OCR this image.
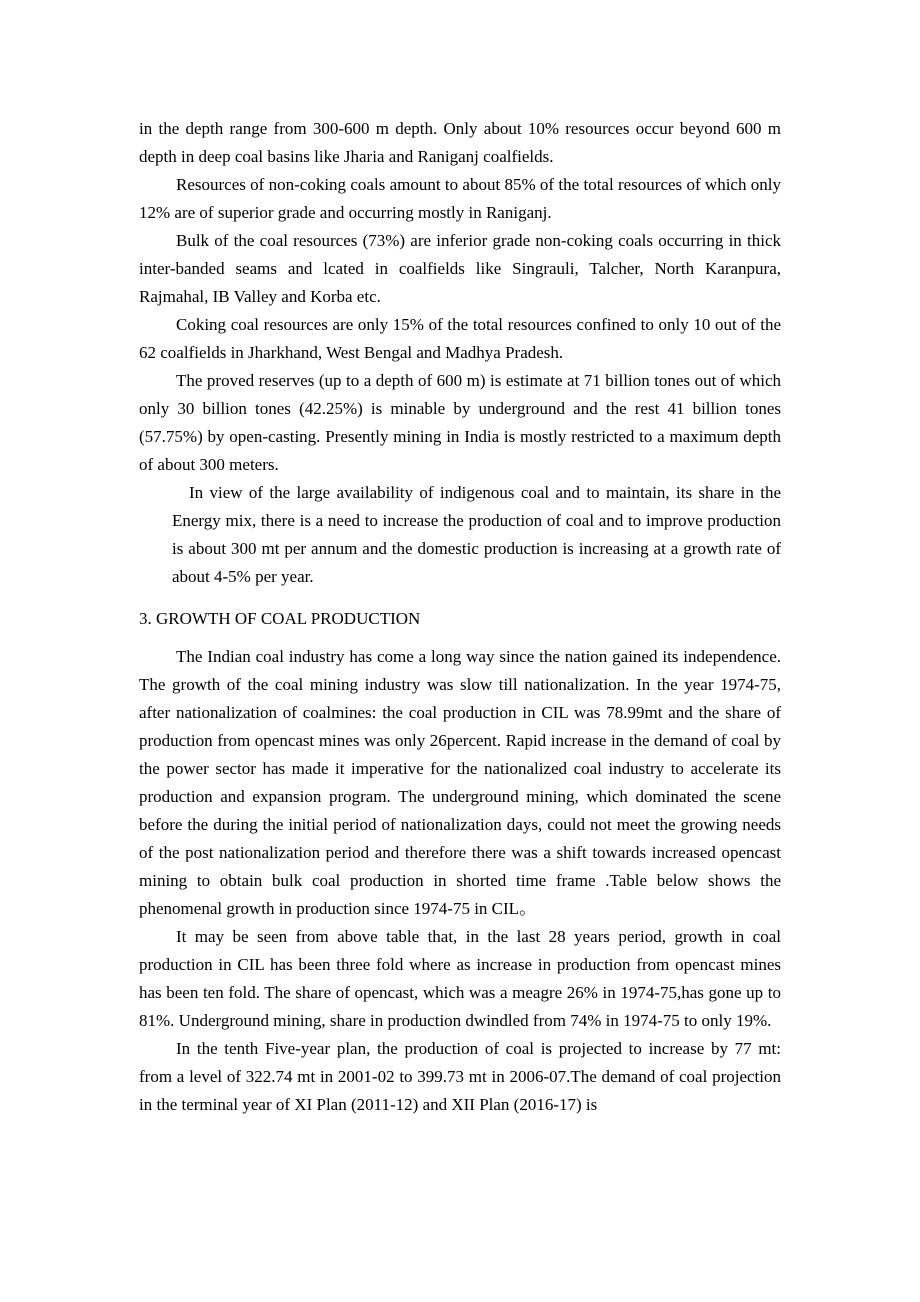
in the depth range from 300-600 m depth. Only about 10% resources occur beyond 600 m depth in deep coal basins like Jharia and Raniganj coalfields.

Resources of non-coking coals amount to about 85% of the total resources of which only 12% are of superior grade and occurring mostly in Raniganj.

Bulk of the coal resources (73%) are inferior grade non-coking coals occurring in thick inter-banded seams and lcated in coalfields like Singrauli, Talcher, North Karanpura, Rajmahal, IB Valley and Korba etc.

Coking coal resources are only 15% of the total resources confined to only 10 out of the 62 coalfields in Jharkhand, West Bengal and Madhya Pradesh.

The proved reserves (up to a depth of 600 m) is estimate at 71 billion tones out of which only 30 billion tones (42.25%) is minable by underground and the rest 41 billion tones (57.75%) by open-casting. Presently mining in India is mostly restricted to a maximum depth of about 300 meters.

In view of the large availability of indigenous coal and to maintain, its share in the Energy mix, there is a need to increase the production of coal and to improve production is about 300 mt per annum and the domestic production is increasing at a growth rate of about 4-5% per year.

3. GROWTH OF COAL PRODUCTION

The Indian coal industry has come a long way since the nation gained its independence. The growth of the coal mining industry was slow till nationalization. In the year 1974-75, after nationalization of coalmines: the coal production in CIL was 78.99mt and the share of production from opencast mines was only 26percent. Rapid increase in the demand of coal by the power sector has made it imperative for the nationalized coal industry to accelerate its production and expansion program. The underground mining, which dominated the scene before the during the initial period of nationalization days, could not meet the growing needs of the post nationalization period and therefore there was a shift towards increased opencast mining to obtain bulk coal production in shorted time frame .Table below shows the phenomenal growth in production since 1974-75 in CIL。

It may be seen from above table that, in the last 28 years period, growth in coal production in CIL has been three fold where as increase in production from opencast mines has been ten fold. The share of opencast, which was a meagre 26% in 1974-75,has gone up to 81%. Underground mining, share in production dwindled from 74% in 1974-75 to only 19%.

In the tenth Five-year plan, the production of coal is projected to increase by 77 mt: from a level of 322.74 mt in 2001-02 to 399.73 mt in 2006-07.The demand of coal projection in the terminal year of XI Plan (2011-12) and XII Plan (2016-17) is
